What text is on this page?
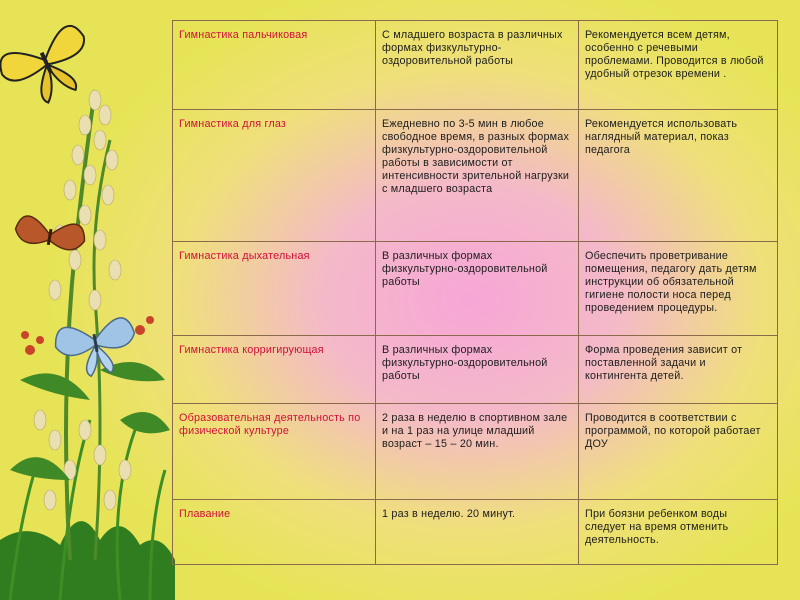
Гимнастика пальчиковая	С младшего возраста в различных формах физкультурно-оздоровительной работы	Рекомендуется всем детям, особенно с речевыми проблемами. Проводится в любой удобный отрезок времени .
Гимнастика для глаз	Ежедневно по 3-5 мин в любое свободное время, в разных формах физкультурно-оздоровительной работы в зависимости от интенсивности зрительной нагрузки с младшего возраста	Рекомендуется использовать наглядный материал, показ педагога
Гимнастика дыхательная	В различных формах физкультурно-оздоровительной работы	Обеспечить проветривание помещения, педагогу дать детям инструкции об обязательной гигиене полости носа перед проведением процедуры.
Гимнастика корригирующая	В различных формах физкультурно-оздоровительной работы	Форма проведения зависит от поставленной задачи и контингента детей.
Образовательная деятельность по физической культуре	2 раза в неделю в спортивном зале и на 1 раз на улице младший возраст – 15 – 20 мин.	Проводится в соответствии с программой, по которой работает ДОУ
Плавание	1 раз в неделю. 20 минут.	При боязни ребенком воды следует на время отменить деятельность.
